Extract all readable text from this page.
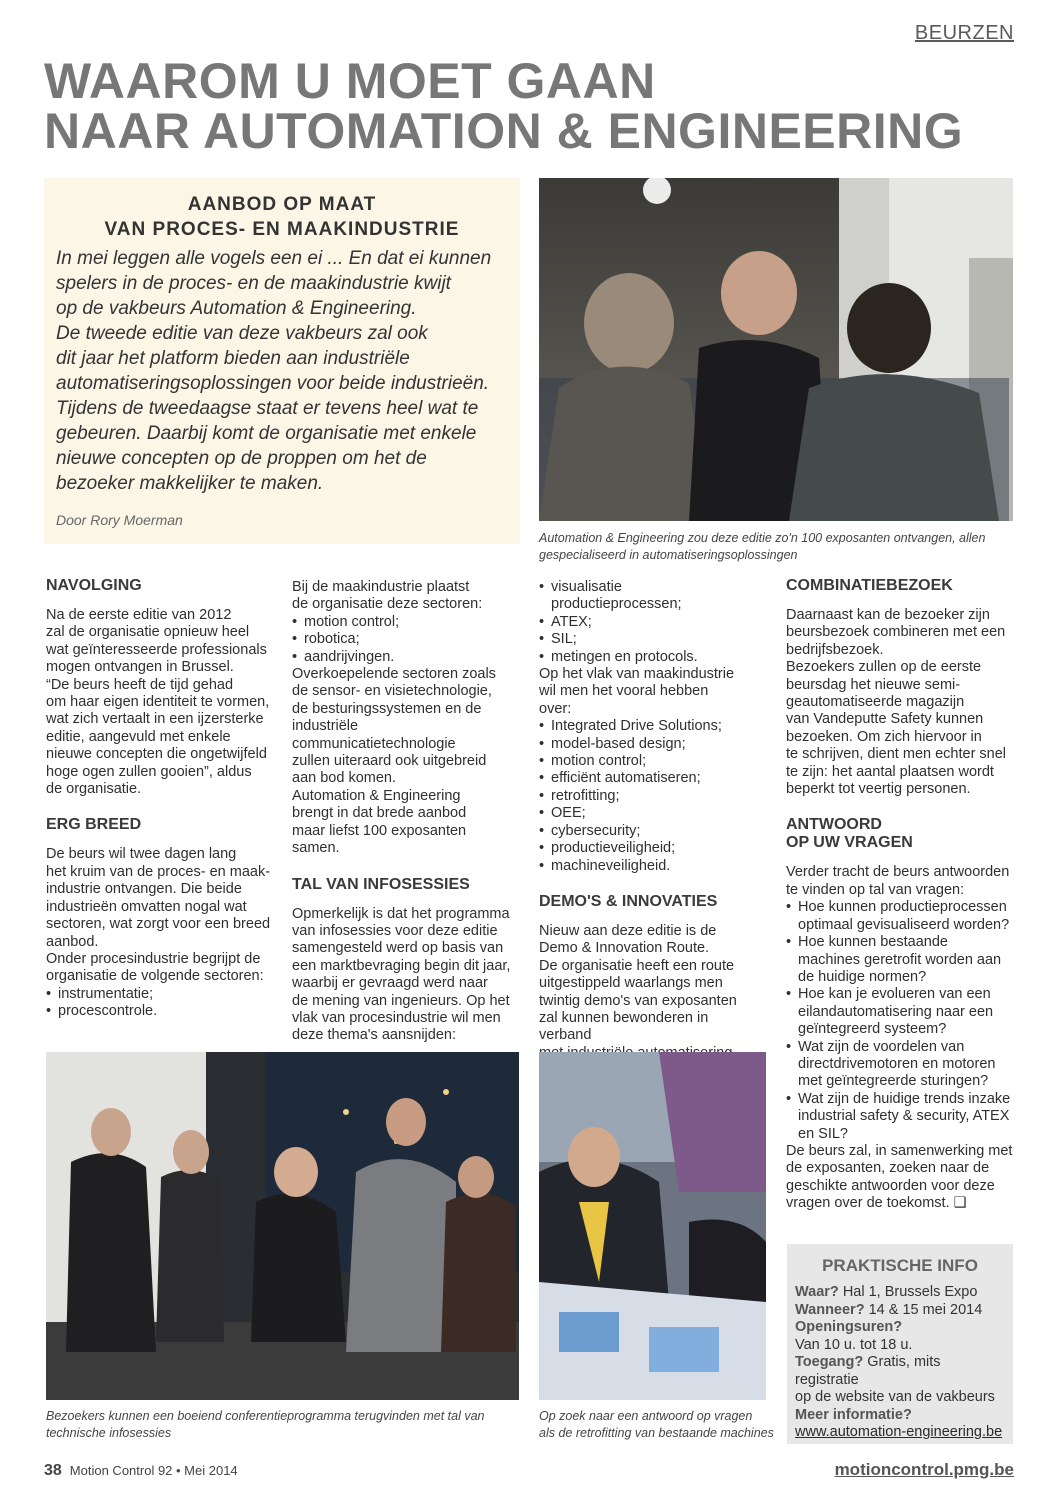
BEURZEN
WAAROM U MOET GAAN
NAAR AUTOMATION & ENGINEERING
AANBOD OP MAAT
VAN PROCES- EN MAAKINDUSTRIE
In mei leggen alle vogels een ei ... En dat ei kunnen
spelers in de proces- en de maakindustrie kwijt
op de vakbeurs Automation & Engineering.
De tweede editie van deze vakbeurs zal ook
dit jaar het platform bieden aan industriële
automatiseringsoplossingen voor beide industrieën.
Tijdens de tweedaagse staat er tevens heel wat te
gebeuren. Daarbij komt de organisatie met enkele
nieuwe concepten op de proppen om het de
bezoeker makkelijker te maken.
Door Rory Moerman
Automation & Engineering zou deze editie zo'n 100 exposanten ontvangen, allen
gespecialiseerd in automatiseringsoplossingen
NAVOLGING

Na de eerste editie van 2012

zal de organisatie opnieuw heel

wat geïnteresseerde professionals

mogen ontvangen in Brussel.

“De beurs heeft de tijd gehad

om haar eigen identiteit te vormen,

wat zich vertaalt in een ijzersterke

editie, aangevuld met enkele

nieuwe concepten die ongetwijfeld

hoge ogen zullen gooien”, aldus

de organisatie.

ERG BREED

De beurs wil twee dagen lang

het kruim van de proces- en maak-

industrie ontvangen. Die beide

industrieën omvatten nogal wat

sectoren, wat zorgt voor een breed

aanbod.

Onder procesindustrie begrijpt de

organisatie de volgende sectoren:

• instrumentatie;

• procescontrole.

Bij de maakindustrie plaatst

de organisatie deze sectoren:

• motion control;

• robotica;

• aandrijvingen.

Overkoepelende sectoren zoals

de sensor- en visietechnologie,

de besturingssystemen en de

industriële communicatietechnologie

zullen uiteraard ook uitgebreid

aan bod komen.

Automation & Engineering

brengt in dat brede aanbod

maar liefst 100 exposanten

samen.

TAL VAN INFOSESSIES

Opmerkelijk is dat het programma

van infosessies voor deze editie

samengesteld werd op basis van

een marktbevraging begin dit jaar,

waarbij er gevraagd werd naar

de mening van ingenieurs. Op het

vlak van procesindustrie wil men

deze thema's aansnijden:

• visualisatie productieprocessen;

• ATEX;

• SIL;

• metingen en protocols.

Op het vlak van maakindustrie

wil men het vooral hebben over:

• Integrated Drive Solutions;

• model-based design;

• motion control;

• efficiënt automatiseren;

• retrofitting;

• OEE;

• cybersecurity;

• productieveiligheid;

• machineveiligheid.

DEMO'S & INNOVATIES

Nieuw aan deze editie is de

Demo & Innovation Route.

De organisatie heeft een route

uitgestippeld waarlangs men

twintig demo's van exposanten

zal kunnen bewonderen in verband

COMBINATIEBEZOEK

Daarnaast kan de bezoeker zijn

beursbezoek combineren met een

bedrijfsbezoek.

Bezoekers zullen op de eerste

beursdag het nieuwe semi-

geautomatiseerde magazijn

van Vandeputte Safety kunnen

bezoeken. Om zich hiervoor in

te schrijven, dient men echter snel

te zijn: het aantal plaatsen wordt

beperkt tot veertig personen.

ANTWOORD
OP UW VRAGEN

Verder tracht de beurs antwoorden

te vinden op tal van vragen:

• Hoe kunnen productieprocessen optimaal gevisualiseerd worden?

• Hoe kunnen bestaande machines geretrofit worden aan de huidige normen?

• Hoe kan je evolueren van een eilandautomatisering naar een geïntegreerd systeem?

• Wat zijn de voordelen van directdrivemotoren en motoren met geïntegreerde sturingen?

• Wat zijn de huidige trends inzake industrial safety & security, ATEX en SIL?

De beurs zal, in samenwerking met

de exposanten, zoeken naar de

geschikte antwoorden voor deze

vragen over de toekomst. ❑

Bezoekers kunnen een boeiend conferentieprogramma terugvinden met tal van
technische infosessies
Op zoek naar een antwoord op vragen
als de retrofitting van bestaande machines
PRAKTISCHE INFO
Waar? Hal 1, Brussels Expo
Wanneer? 14 & 15 mei 2014
Openingsuren?
Van 10 u. tot 18 u.
Toegang? Gratis, mits registratie
op de website van de vakbeurs
Meer informatie?
www.automation-engineering.be
38 Motion Control 92 • Mei 2014	motioncontrol.pmg.be
